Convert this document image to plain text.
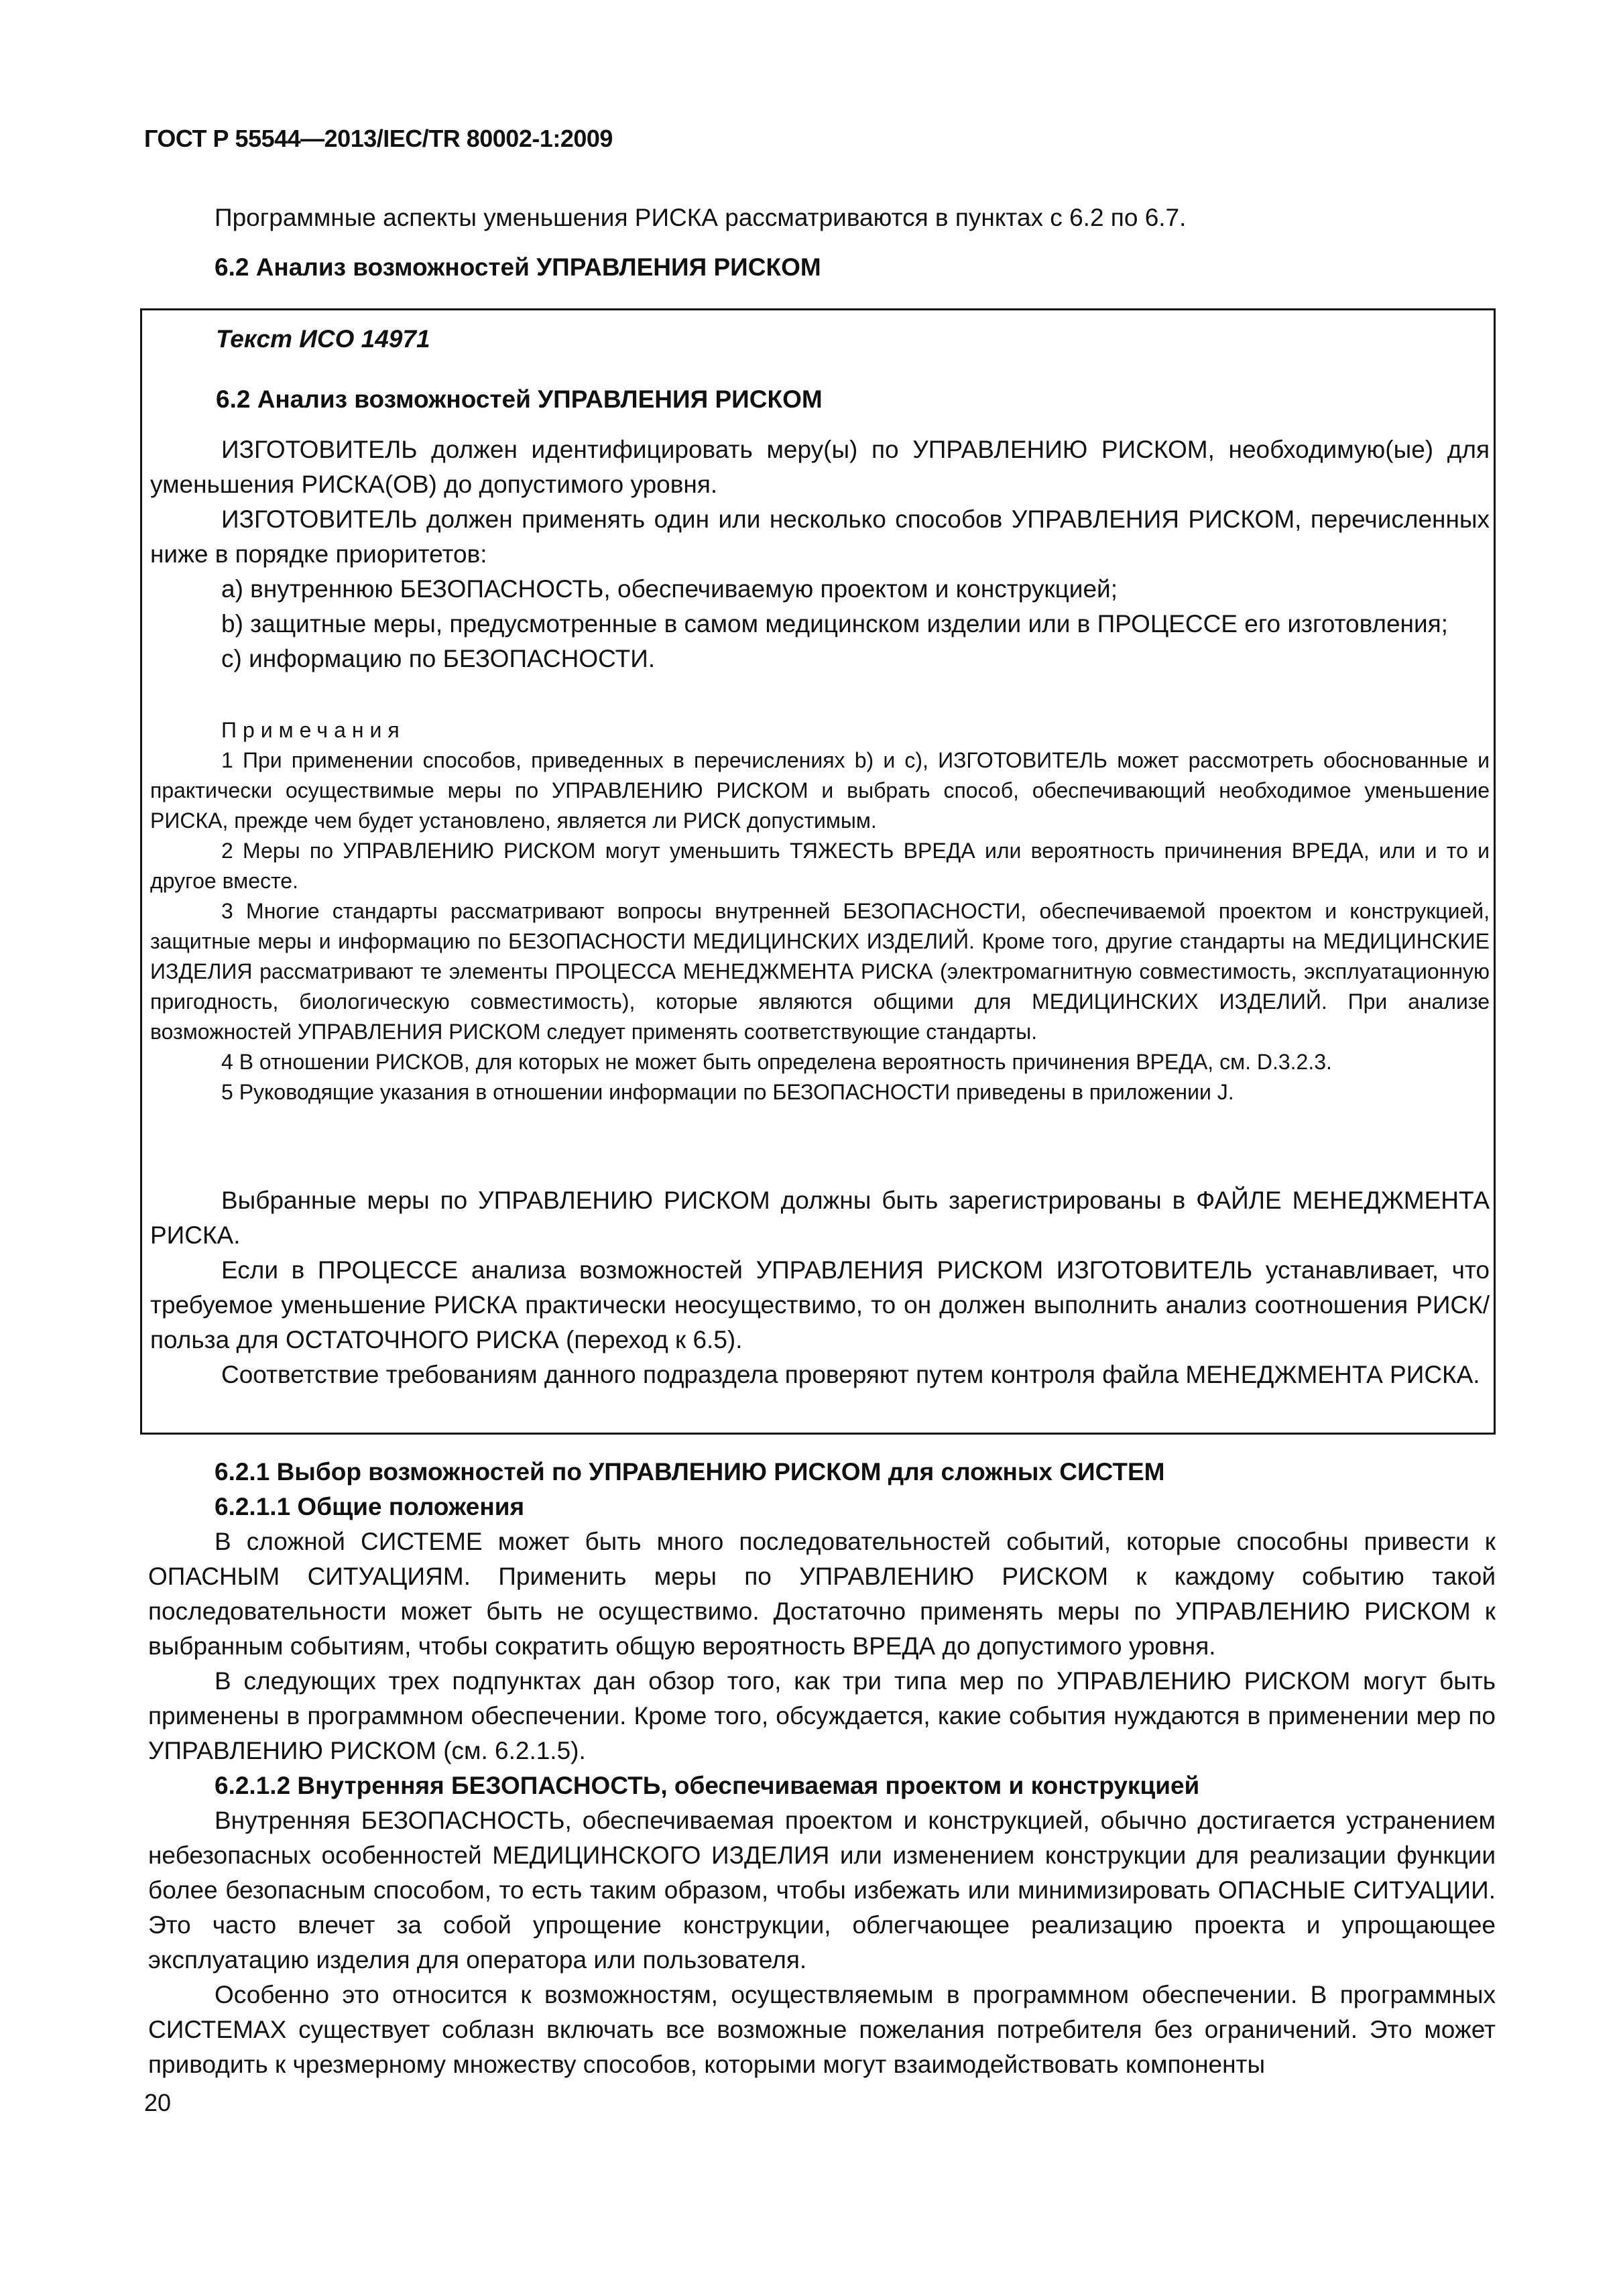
ГОСТ Р 55544—2013/IEC/TR 80002-1:2009
Программные аспекты уменьшения РИСКА рассматриваются в пунктах с 6.2 по 6.7.
6.2 Анализ возможностей УПРАВЛЕНИЯ РИСКОМ
Текст ИСО 14971
6.2 Анализ возможностей УПРАВЛЕНИЯ РИСКОМ

ИЗГОТОВИТЕЛЬ должен идентифицировать меру(ы) по УПРАВЛЕНИЮ РИСКОМ, необходимую(ые) для уменьшения РИСКА(ОВ) до допустимого уровня.

ИЗГОТОВИТЕЛЬ должен применять один или несколько способов УПРАВЛЕНИЯ РИСКОМ, перечисленных ниже в порядке приоритетов:

a) внутреннюю БЕЗОПАСНОСТЬ, обеспечиваемую проектом и конструкцией;

b) защитные меры, предусмотренные в самом медицинском изделии или в ПРОЦЕССЕ его изготовления;

c) информацию по БЕЗОПАСНОСТИ.

Примечания

1 При применении способов, приведенных в перечислениях b) и c), ИЗГОТОВИТЕЛЬ может рассмотреть обоснованные и практически осуществимые меры по УПРАВЛЕНИЮ РИСКОМ и выбрать способ, обеспечивающий необходимое уменьшение РИСКА, прежде чем будет установлено, является ли РИСК допустимым.

2 Меры по УПРАВЛЕНИЮ РИСКОМ могут уменьшить ТЯЖЕСТЬ ВРЕДА или вероятность причинения ВРЕДА, или и то и другое вместе.

3 Многие стандарты рассматривают вопросы внутренней БЕЗОПАСНОСТИ, обеспечиваемой проектом и конструкцией, защитные меры и информацию по БЕЗОПАСНОСТИ МЕДИЦИНСКИХ ИЗДЕЛИЙ. Кроме того, другие стандарты на МЕДИЦИНСКИЕ ИЗДЕЛИЯ рассматривают те элементы ПРОЦЕССА МЕНЕДЖМЕНТА РИСКА (электромагнитную совместимость, эксплуатационную пригодность, биологическую совместимость), которые являются общими для МЕДИЦИНСКИХ ИЗДЕЛИЙ. При анализе возможностей УПРАВЛЕНИЯ РИСКОМ следует применять соответствующие стандарты.

4 В отношении РИСКОВ, для которых не может быть определена вероятность причинения ВРЕДА, см. D.3.2.3.

5 Руководящие указания в отношении информации по БЕЗОПАСНОСТИ приведены в приложении J.

Выбранные меры по УПРАВЛЕНИЮ РИСКОМ должны быть зарегистрированы в ФАЙЛЕ МЕНЕДЖМЕНТА РИСКА.

Если в ПРОЦЕССЕ анализа возможностей УПРАВЛЕНИЯ РИСКОМ ИЗГОТОВИТЕЛЬ устанавливает, что требуемое уменьшение РИСКА практически неосуществимо, то он должен выполнить анализ соотношения РИСК/польза для ОСТАТОЧНОГО РИСКА (переход к 6.5).

Соответствие требованиям данного подраздела проверяют путем контроля файла МЕНЕДЖМЕНТА РИСКА.

6.2.1 Выбор возможностей по УПРАВЛЕНИЮ РИСКОМ для сложных СИСТЕМ

6.2.1.1 Общие положения

В сложной СИСТЕМЕ может быть много последовательностей событий, которые способны привести к ОПАСНЫМ СИТУАЦИЯМ. Применить меры по УПРАВЛЕНИЮ РИСКОМ к каждому событию такой последовательности может быть не осуществимо. Достаточно применять меры по УПРАВЛЕНИЮ РИСКОМ к выбранным событиям, чтобы сократить общую вероятность ВРЕДА до допустимого уровня.

В следующих трех подпунктах дан обзор того, как три типа мер по УПРАВЛЕНИЮ РИСКОМ могут быть применены в программном обеспечении. Кроме того, обсуждается, какие события нуждаются в применении мер по УПРАВЛЕНИЮ РИСКОМ (см. 6.2.1.5).

6.2.1.2 Внутренняя БЕЗОПАСНОСТЬ, обеспечиваемая проектом и конструкцией

Внутренняя БЕЗОПАСНОСТЬ, обеспечиваемая проектом и конструкцией, обычно достигается устранением небезопасных особенностей МЕДИЦИНСКОГО ИЗДЕЛИЯ или изменением конструкции для реализации функции более безопасным способом, то есть таким образом, чтобы избежать или минимизировать ОПАСНЫЕ СИТУАЦИИ. Это часто влечет за собой упрощение конструкции, облегчающее реализацию проекта и упрощающее эксплуатацию изделия для оператора или пользователя.

Особенно это относится к возможностям, осуществляемым в программном обеспечении. В программных СИСТЕМАХ существует соблазн включать все возможные пожелания потребителя без ограничений. Это может приводить к чрезмерному множеству способов, которыми могут взаимодействовать компоненты

20
